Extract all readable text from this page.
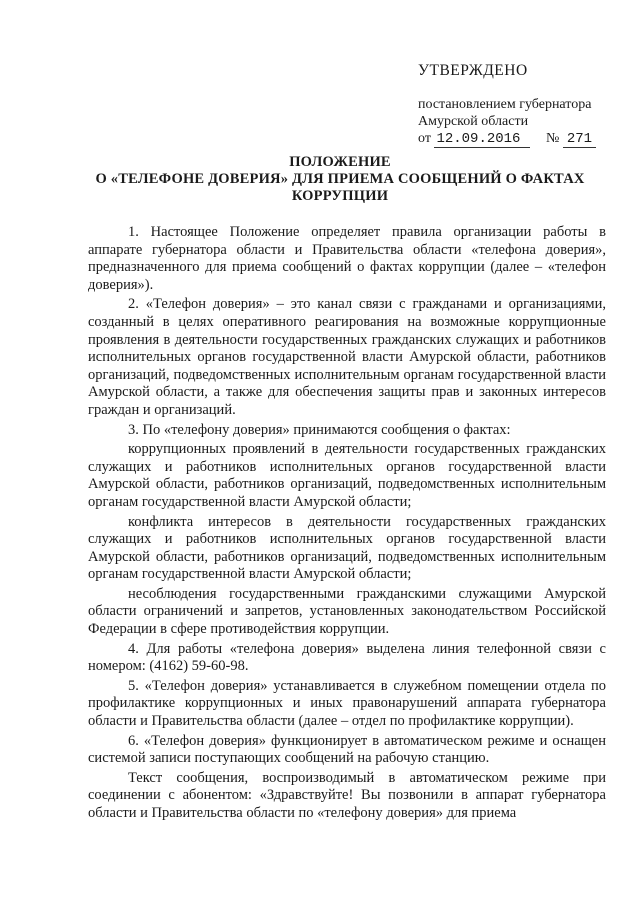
УТВЕРЖДЕНО
постановлением губернатора
Амурской области
от 12.09.2016 № 271
ПОЛОЖЕНИЕ
О «ТЕЛЕФОНЕ ДОВЕРИЯ» ДЛЯ ПРИЕМА СООБЩЕНИЙ О ФАКТАХ
КОРРУПЦИИ

1. Настоящее Положение определяет правила организации работы в аппарате губернатора области и Правительства области «телефона доверия», предназначенного для приема сообщений о фактах коррупции (далее – «телефон доверия»).

2. «Телефон доверия» – это канал связи с гражданами и организациями, созданный в целях оперативного реагирования на возможные коррупционные проявления в деятельности государственных гражданских служащих и работников исполнительных органов государственной власти Амурской области, работников организаций, подведомственных исполнительным органам государственной власти Амурской области, а также для обеспечения защиты прав и законных интересов граждан и организаций.

3. По «телефону доверия» принимаются сообщения о фактах:

коррупционных проявлений в деятельности государственных гражданских служащих и работников исполнительных органов государственной власти Амурской области, работников организаций, подведомственных исполнительным органам государственной власти Амурской области;

конфликта интересов в деятельности государственных гражданских служащих и работников исполнительных органов государственной власти Амурской области, работников организаций, подведомственных исполнительным органам государственной власти Амурской области;

несоблюдения государственными гражданскими служащими Амурской области ограничений и запретов, установленных законодательством Российской Федерации в сфере противодействия коррупции.

4. Для работы «телефона доверия» выделена линия телефонной связи с номером: (4162) 59-60-98.

5. «Телефон доверия» устанавливается в служебном помещении отдела по профилактике коррупционных и иных правонарушений аппарата губернатора области и Правительства области (далее – отдел по профилактике коррупции).

6. «Телефон доверия» функционирует в автоматическом режиме и оснащен системой записи поступающих сообщений на рабочую станцию.

Текст сообщения, воспроизводимый в автоматическом режиме при соединении с абонентом: «Здравствуйте! Вы позвонили в аппарат губернатора области и Правительства области по «телефону доверия» для приема
